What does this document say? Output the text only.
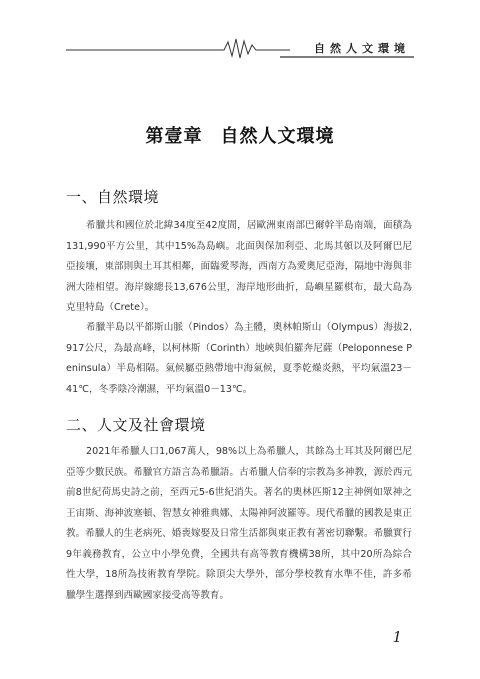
自然人文環境
第壹章 自然人文環境
一、自然環境

希臘共和國位於北緯34度至42度間，居歐洲東南部巴爾幹半島南端，面積為131,990平方公里，其中15%為島嶼。北面與保加利亞、北馬其頓以及阿爾巴尼亞接壤，東部則與土耳其相鄰，面臨愛琴海，西南方為愛奧尼亞海，隔地中海與非洲大陸相望。海岸線總長13,676公里，海岸地形曲折，島嶼星羅棋布，最大島為克里特島（Crete）。

希臘半島以平都斯山脈（Pindos）為主體，奧林帕斯山（Olympus）海拔2,917公尺，為最高峰，以柯林斯（Corinth）地峽與伯羅奔尼薩（Peloponnese Peninsula）半島相隔。氣候屬亞熱帶地中海氣候，夏季乾燥炎熱，平均氣溫23－41℃，冬季陰冷潮濕，平均氣溫0－13℃。

二、人文及社會環境

2021年希臘人口1,067萬人，98%以上為希臘人，其餘為土耳其及阿爾巴尼亞等少數民族。希臘官方語言為希臘語。古希臘人信奉的宗教為多神教，源於西元前8世紀荷馬史詩之前，至西元5-6世紀消失。著名的奧林匹斯12主神例如眾神之王宙斯、海神波塞頓、智慧女神雅典娜、太陽神阿波羅等。現代希臘的國教是東正教。希臘人的生老病死、婚喪嫁娶及日常生活都與東正教有著密切聯繫。希臘實行9年義務教育，公立中小學免費，全國共有高等教育機構38所，其中20所為綜合性大學，18所為技術教育學院。除頂尖大學外，部分學校教育水準不佳，許多希臘學生選擇到西歐國家接受高等教育。

1
